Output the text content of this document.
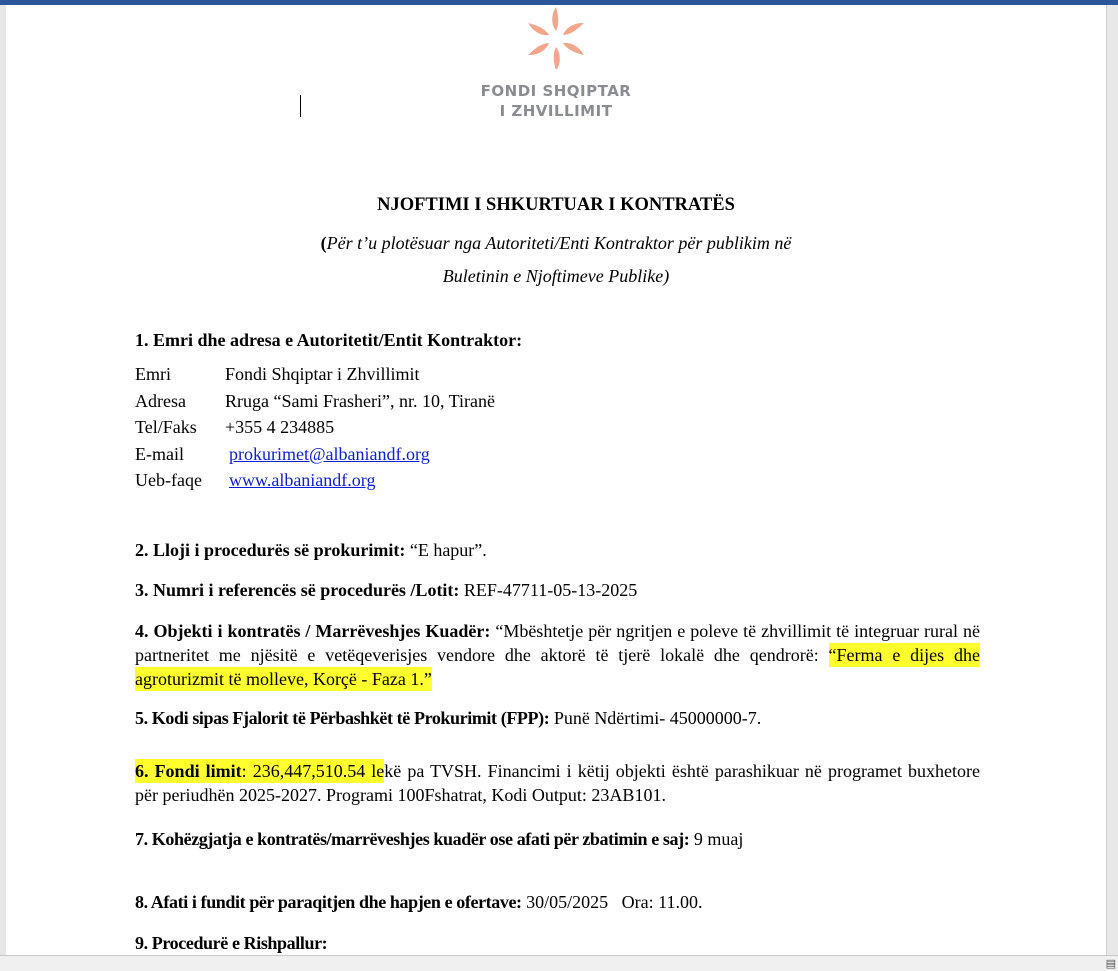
FONDI SHQIPTAR
I ZHVILLIMIT
NJOFTIMI I SHKURTUAR I KONTRATËS
(Për t’u plotësuar nga Autoriteti/Enti Kontraktor për publikim në
Buletinin e Njoftimeve Publike)
1. Emri dhe adresa e Autoritetit/Entit Kontraktor:
Emri	Fondi Shqiptar i Zhvillimit
Adresa	Rruga “Sami Frasheri”, nr. 10, Tiranë
Tel/Faks	+355 4 234885
E-mail	prokurimet@albaniandf.org
Ueb-faqe	www.albaniandf.org
2. Lloji i procedurës së prokurimit: “E hapur”.
3. Numri i referencës së procedurës /Lotit: REF-47711-05-13-2025
4. Objekti i kontratës / Marrëveshjes Kuadër: “Mbështetje për ngritjen e poleve të zhvillimit të integruar rural në partneritet me njësitë e vetëqeverisjes vendore dhe aktorë të tjerë lokalë dhe qendrorë: “Ferma e dijes dhe agroturizmit të molleve, Korçë - Faza 1.”
5. Kodi sipas Fjalorit të Përbashkët të Prokurimit (FPP): Punë Ndërtimi- 45000000-7.
6. Fondi limit: 236,447,510.54 lekë pa TVSH. Financimi i këtij objekti është parashikuar në programet buxhetore për periudhën 2025-2027. Programi 100Fshatrat, Kodi Output: 23AB101.
7. Kohëzgjatja e kontratës/marrëveshjes kuadër ose afati për zbatimin e saj: 9 muaj
8. Afati i fundit për paraqitjen dhe hapjen e ofertave: 30/05/2025   Ora: 11.00.
9. Procedurë e Rishpallur:
▤
